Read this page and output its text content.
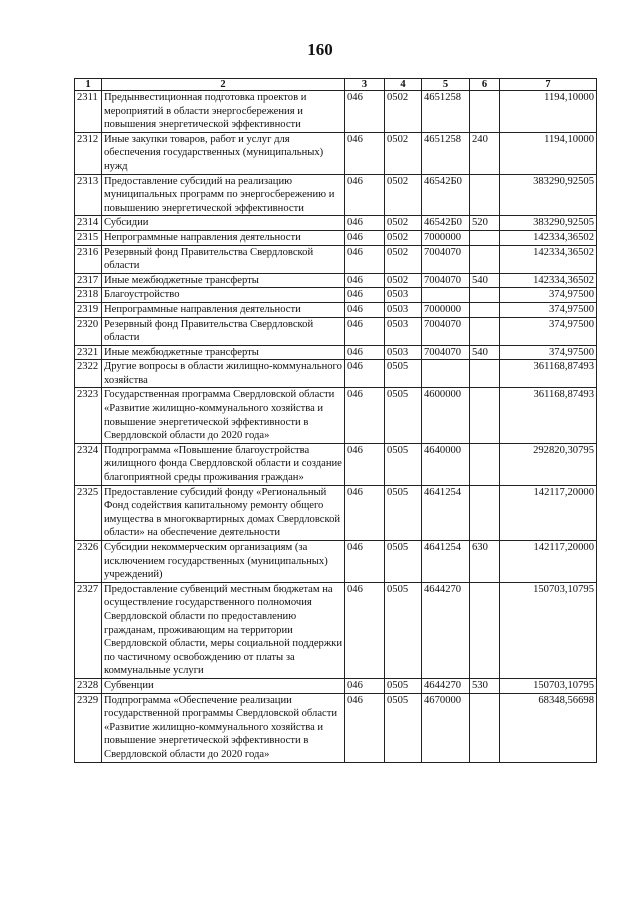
160
1	2	3	4	5	6	7
2311	Предынвестиционная подготовка проектов и мероприятий в области энергосбережения и повышения энергетической эффективности	046	0502	4651258		1194,10000
2312	Иные закупки товаров, работ и услуг для обеспечения государственных (муниципальных) нужд	046	0502	4651258	240	1194,10000
2313	Предоставление субсидий на реализацию муниципальных программ по энергосбережению и повышению энергетической эффективности	046	0502	46542Б0		383290,92505
2314	Субсидии	046	0502	46542Б0	520	383290,92505
2315	Непрограммные направления деятельности	046	0502	7000000		142334,36502
2316	Резервный фонд Правительства Свердловской области	046	0502	7004070		142334,36502
2317	Иные межбюджетные трансферты	046	0502	7004070	540	142334,36502
2318	Благоустройство	046	0503			374,97500
2319	Непрограммные направления деятельности	046	0503	7000000		374,97500
2320	Резервный фонд Правительства Свердловской области	046	0503	7004070		374,97500
2321	Иные межбюджетные трансферты	046	0503	7004070	540	374,97500
2322	Другие вопросы в области жилищно-коммунального хозяйства	046	0505			361168,87493
2323	Государственная программа Свердловской области «Развитие жилищно-коммунального хозяйства и повышение энергетической эффективности в Свердловской области до 2020 года»	046	0505	4600000		361168,87493
2324	Подпрограмма «Повышение благоустройства жилищного фонда Свердловской области и создание благоприятной среды проживания граждан»	046	0505	4640000		292820,30795
2325	Предоставление субсидий фонду «Региональный Фонд содействия капитальному ремонту общего имущества в многоквартирных домах Свердловской области» на обеспечение деятельности	046	0505	4641254		142117,20000
2326	Субсидии некоммерческим организациям (за исключением государственных (муниципальных) учреждений)	046	0505	4641254	630	142117,20000
2327	Предоставление субвенций местным бюджетам на осуществление государственного полномочия Свердловской области по предоставлению гражданам, проживающим на территории Свердловской области, меры социальной поддержки по частичному освобождению от платы за коммунальные услуги	046	0505	4644270		150703,10795
2328	Субвенции	046	0505	4644270	530	150703,10795
2329	Подпрограмма «Обеспечение реализации государственной программы Свердловской области «Развитие жилищно-коммунального хозяйства и повышение энергетической эффективности в Свердловской области до 2020 года»	046	0505	4670000		68348,56698
